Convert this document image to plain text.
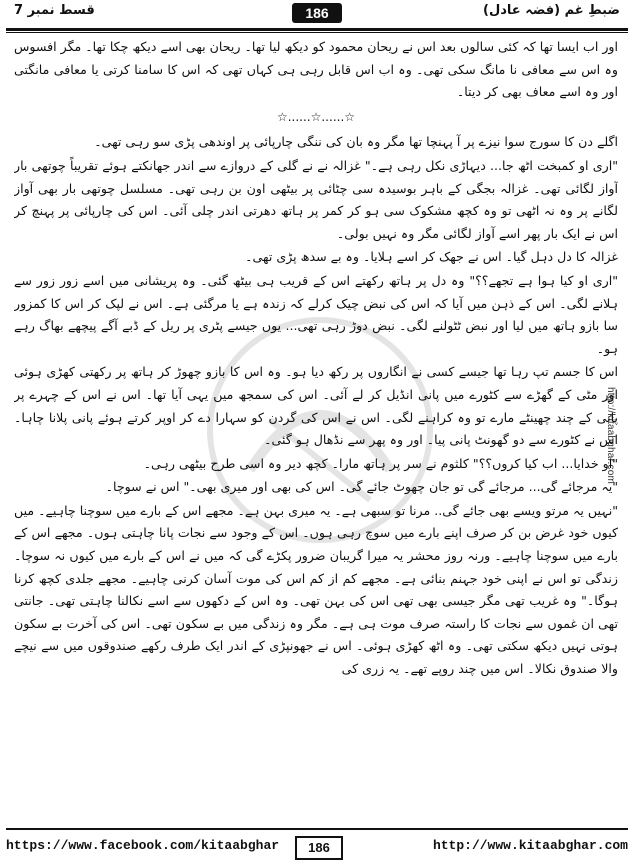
ضبطِ غم (فضہ عادل)
186
قسط نمبر 7
http://kitaabghar.com

اور اب ایسا تھا کہ کئی سالوں بعد اس نے ریحان محمود کو دیکھ لیا تھا۔ ریحان بھی اسے دیکھ چکا تھا۔ مگر افسوس وہ اس سے معافی نا مانگ سکی تھی۔ وہ اب اس قابل رہی ہی کہاں تھی کہ اس کا سامنا کرتی یا معافی مانگتی اور وہ اسے معاف بھی کر دیتا۔

☆......☆......☆

اگلے دن کا سورج سوا نیزے پر آ پہنچا تھا مگر وہ بان کی ننگی چارپائی پر اوندھی پڑی سو رہی تھی۔

"اری او کمبخت اٹھ جا... دیہاڑی نکل رہی ہے۔" غزالہ نے نے گلی کے دروازے سے اندر جھانکتے ہوئے تقریباً چوتھی بار آواز لگائی تھی۔ غزالہ بجگی کے باہر بوسیدہ سی چٹائی پر بیٹھی اون بن رہی تھی۔ مسلسل چوتھی بار بھی آواز لگانے پر وہ نہ اٹھی تو وہ کچھ مشکوک سی ہو کر کمر پر ہاتھ دھرتی اندر چلی آئی۔ اس کی چارپائی پر پہنچ کر اس نے ایک بار پھر اسے آواز لگائی مگر وہ نہیں بولی۔

غزالہ کا دل دہل گیا۔ اس نے جھک کر اسے ہلایا۔ وہ بے سدھ پڑی تھی۔

"اری او کیا ہوا ہے تجھے؟؟" وہ دل پر ہاتھ رکھتے اس کے قریب ہی بیٹھ گئی۔ وہ پریشانی میں اسے زور زور سے ہلانے لگی۔ اس کے ذہن میں آیا کہ اس کی نبض چیک کرلے کہ زندہ ہے یا مرگئی ہے۔ اس نے لپک کر اس کا کمزور سا بازو ہاتھ میں لیا اور نبض ٹٹولنے لگی۔ نبض دوڑ رہی تھی... یوں جیسے پٹری پر ریل کے ڈبے آگے پیچھے بھاگ رہے ہو۔

اس کا جسم تپ رہا تھا جیسے کسی نے انگاروں پر رکھ دیا ہو۔ وہ اس کا بازو چھوڑ کر ہاتھ پر رکھتی کھڑی ہوئی اور مٹی کے گھڑے سے کٹورے میں پانی انڈیل کر لے آئی۔ اس کی سمجھ میں یہی آیا تھا۔ اس نے اس کے چہرے پر پانی کے چند چھینٹے مارے تو وہ کراہنے لگی۔ اس نے اس کی گردن کو سہارا دے کر اوپر کرتے ہوئے پانی پلانا چاہا۔ اس نے کٹورے سے دو گھونٹ پانی پیا۔ اور وہ پھر سے نڈھال ہو گئی۔

"او خدایا... اب کیا کروں؟؟" کلثوم نے سر پر ہاتھ مارا۔ کچھ دیر وہ اسی طرح بیٹھی رہی۔

"یہ مرجائے گی... مرجائے گی تو جان چھوٹ جائے گی۔ اس کی بھی اور میری بھی۔" اس نے سوچا۔

"نہیں یہ مرتو ویسے بھی جائے گی.. مرنا تو سبھی ہے۔ یہ میری بہن ہے۔ مجھے اس کے بارے میں سوچنا چاہیے۔ میں کیوں خود غرض بن کر صرف اپنے بارے میں سوچ رہی ہوں۔ اس کے وجود سے نجات پانا چاہتی ہوں۔ مجھے اس کے بارے میں سوچنا چاہیے۔ ورنہ روز محشر یہ میرا گریبان ضرور پکڑے گی کہ میں نے اس کے بارے میں کیوں نہ سوچا۔ زندگی تو اس نے اپنی خود جہنم بنائی ہے۔ مجھے کم از کم اس کی موت آسان کرنی چاہیے۔ مجھے جلدی کچھ کرنا ہوگا۔" وہ غریب تھی مگر جیسی بھی تھی اس کی بہن تھی۔ وہ اس کے دکھوں سے اسے نکالنا چاہتی تھی۔ جانتی تھی ان غموں سے نجات کا راستہ صرف موت ہی ہے۔ مگر وہ زندگی میں بے سکون تھی۔ اس کی آخرت بے سکون ہوتی نہیں دیکھ سکتی تھی۔ وہ اٹھ کھڑی ہوئی۔ اس نے جھونپڑی کے اندر ایک طرف رکھے صندوقوں میں سے نیچے والا صندوق نکالا۔ اس میں چند روپے تھے۔ یہ زری کی

https://www.facebook.com/kitaabghar	186	http://www.kitaabghar.com
